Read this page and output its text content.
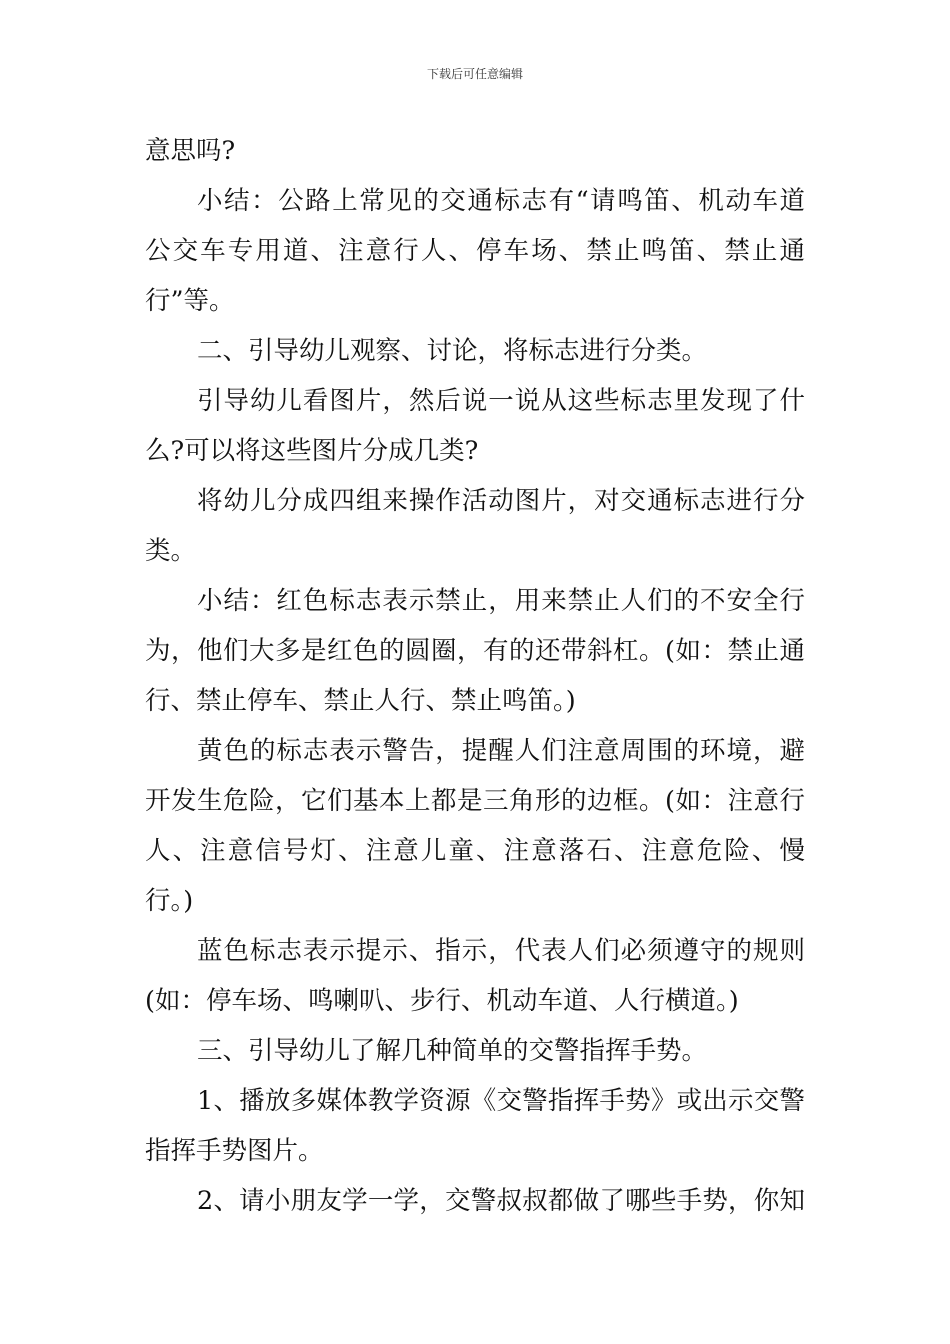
下载后可任意编辑
意思吗?
小结：公路上常见的交通标志有“请鸣笛、机动车道
公交车专用道、注意行人、停车场、禁止鸣笛、禁止通
行”等。
二、引导幼儿观察、讨论，将标志进行分类。
引导幼儿看图片，然后说一说从这些标志里发现了什
么?可以将这些图片分成几类?
将幼儿分成四组来操作活动图片，对交通标志进行分
类。
小结：红色标志表示禁止，用来禁止人们的不安全行
为，他们大多是红色的圆圈，有的还带斜杠。(如：禁止通
行、禁止停车、禁止人行、禁止鸣笛。)
黄色的标志表示警告，提醒人们注意周围的环境，避
开发生危险，它们基本上都是三角形的边框。(如：注意行
人、注意信号灯、注意儿童、注意落石、注意危险、慢
行。)
蓝色标志表示提示、指示，代表人们必须遵守的规则
(如：停车场、鸣喇叭、步行、机动车道、人行横道。)
三、引导幼儿了解几种简单的交警指挥手势。
1、播放多媒体教学资源《交警指挥手势》或出示交警
指挥手势图片。
2、请小朋友学一学，交警叔叔都做了哪些手势，你知
